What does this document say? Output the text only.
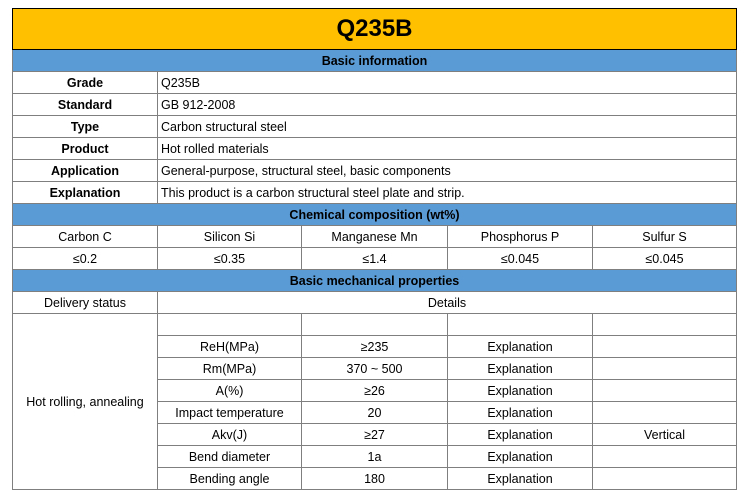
Q235B				
Basic information				
Grade	Q235B			
Standard	GB 912-2008			
Type	Carbon structural steel			
Product	Hot rolled materials			
Application	General-purpose, structural steel, basic components			
Explanation	This product is a carbon structural steel plate and strip.			
Chemical composition (wt%)				
Carbon C	Silicon Si	Manganese Mn	Phosphorus P	Sulfur S
≤0.2	≤0.35	≤1.4	≤0.045	≤0.045
Basic mechanical properties				
Delivery status	Details			
Hot rolling, annealing				
	ReH(MPa)	≥235	Explanation	
	Rm(MPa)	370 ~ 500	Explanation	
	A(%)	≥26	Explanation	
	Impact temperature	20	Explanation	
	Akv(J)	≥27	Explanation	Vertical
	Bend diameter	1a	Explanation	
	Bending angle	180	Explanation	
